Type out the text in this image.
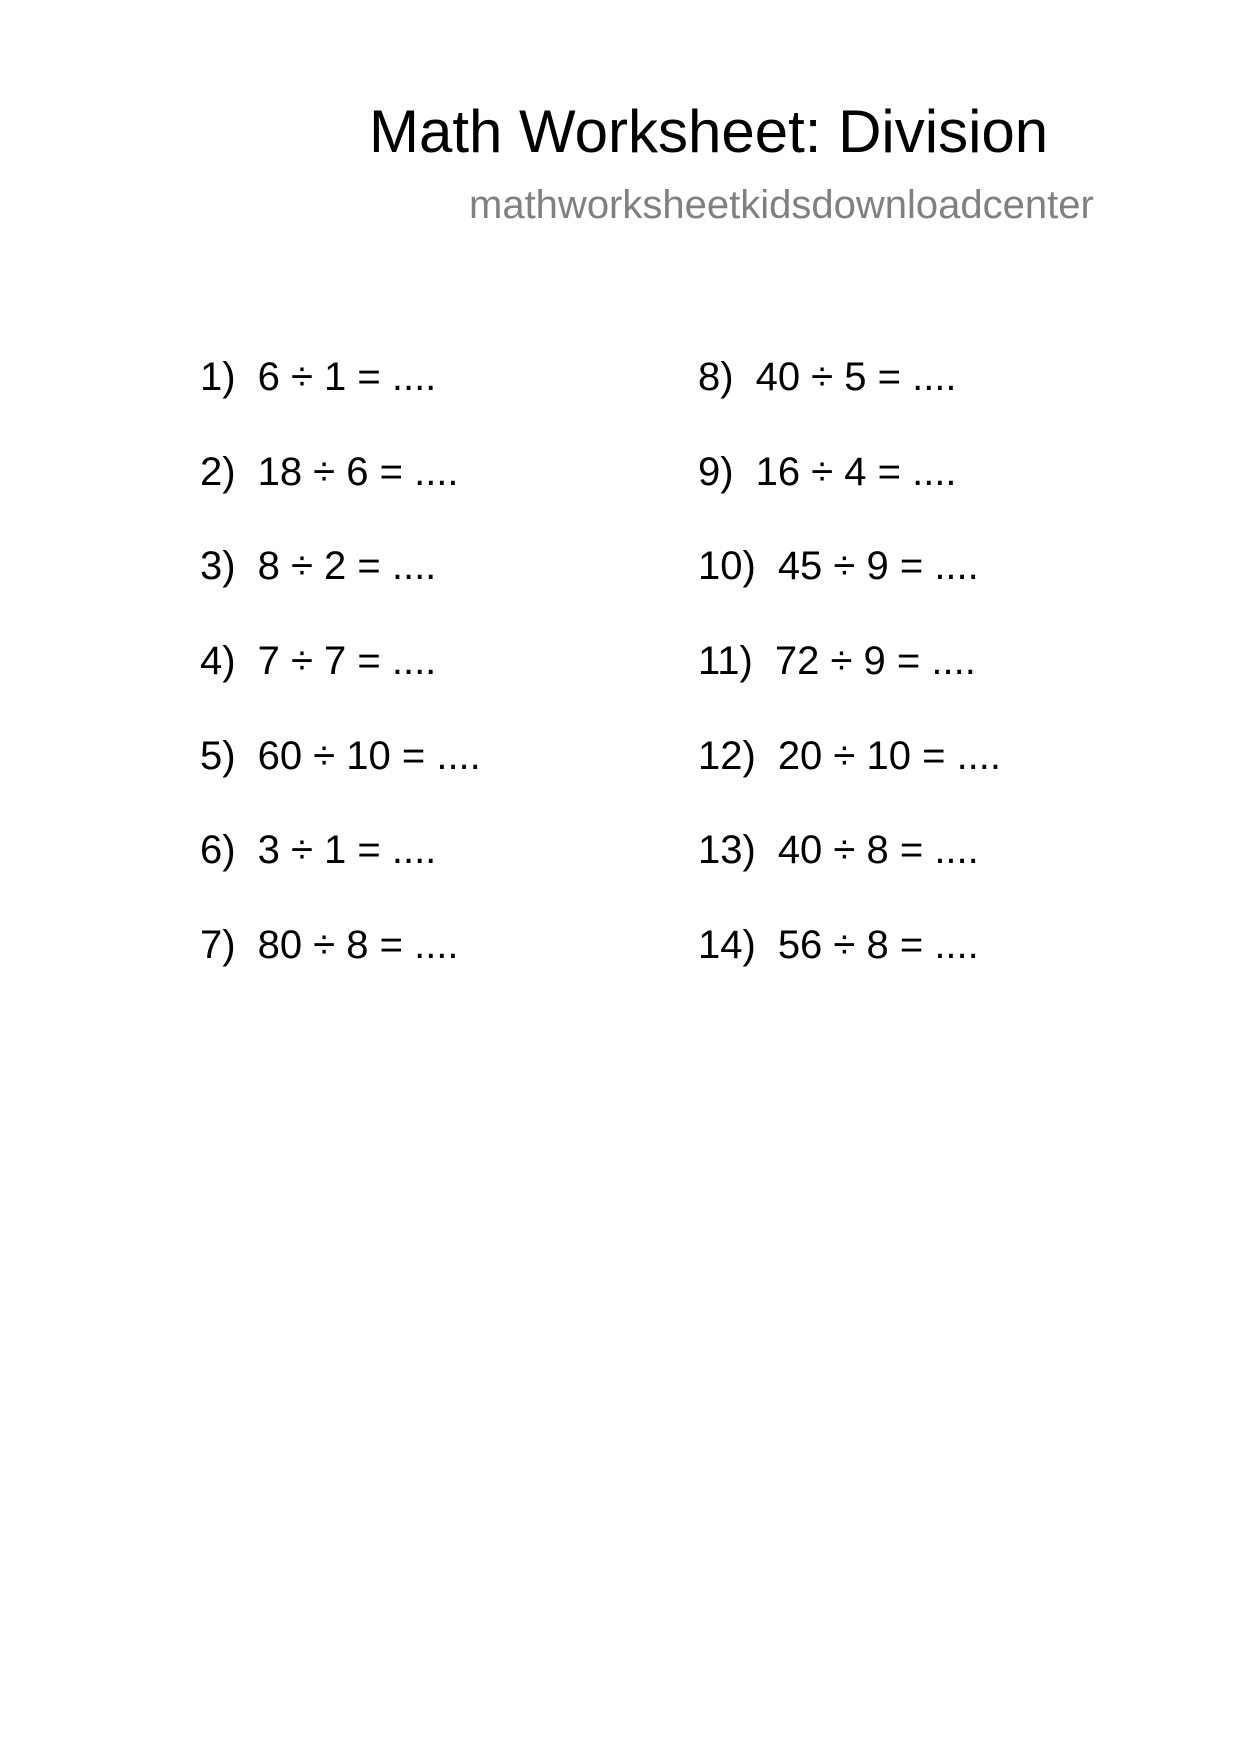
Math Worksheet: Division
mathworksheetkidsdownloadcenter
1) 6 ÷ 1 = ....
2) 18 ÷ 6 = ....
3) 8 ÷ 2 = ....
4) 7 ÷ 7 = ....
5) 60 ÷ 10 = ....
6) 3 ÷ 1 = ....
7) 80 ÷ 8 = ....
8) 40 ÷ 5 = ....
9) 16 ÷ 4 = ....
10) 45 ÷ 9 = ....
11) 72 ÷ 9 = ....
12) 20 ÷ 10 = ....
13) 40 ÷ 8 = ....
14) 56 ÷ 8 = ....
